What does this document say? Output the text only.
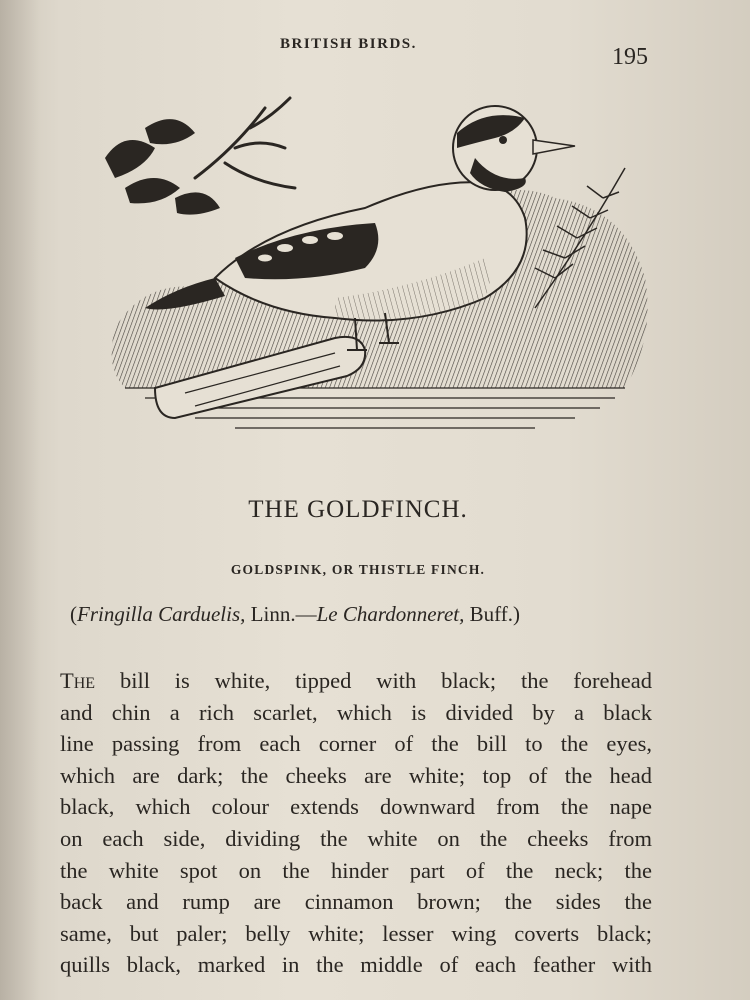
BRITISH BIRDS.	195
THE GOLDFINCH.
GOLDSPINK, OR THISTLE FINCH.
(Fringilla Carduelis, Linn.—Le Chardonneret, Buff.)
The bill is white, tipped with black; the forehead
and chin a rich scarlet, which is divided by a black
line passing from each corner of the bill to the eyes,
which are dark; the cheeks are white; top of the head
black, which colour extends downward from the nape
on each side, dividing the white on the cheeks from
the white spot on the hinder part of the neck; the
back and rump are cinnamon brown; the sides the
same, but paler; belly white; lesser wing coverts black;
quills black, marked in the middle of each feather with
